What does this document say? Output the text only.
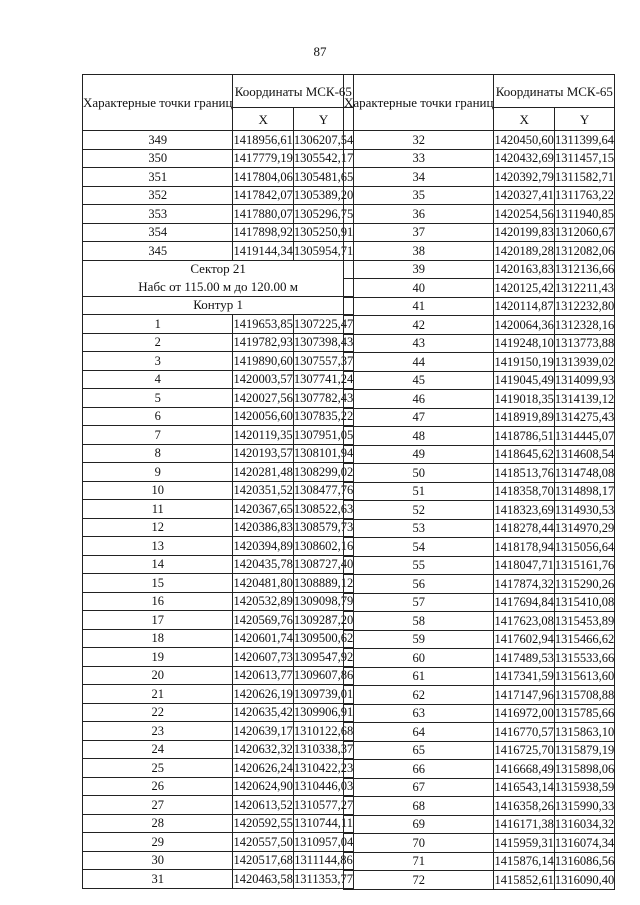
87
Характерные точки границ	Координаты МСК-65	
	X	Y
349	1418956,61	1306207,54
350	1417779,19	1305542,17
351	1417804,06	1305481,65
352	1417842,07	1305389,20
353	1417880,07	1305296,75
354	1417898,92	1305250,91
345	1419144,34	1305954,71
Сектор 21		
Набс от 115.00 м до 120.00 м		
Контур 1		
1	1419653,85	1307225,47
2	1419782,93	1307398,43
3	1419890,60	1307557,37
4	1420003,57	1307741,24
5	1420027,56	1307782,43
6	1420056,60	1307835,22
7	1420119,35	1307951,05
8	1420193,57	1308101,94
9	1420281,48	1308299,02
10	1420351,52	1308477,76
11	1420367,65	1308522,63
12	1420386,83	1308579,73
13	1420394,89	1308602,16
14	1420435,78	1308727,40
15	1420481,80	1308889,12
16	1420532,89	1309098,79
17	1420569,76	1309287,20
18	1420601,74	1309500,62
19	1420607,73	1309547,92
20	1420613,77	1309607,86
21	1420626,19	1309739,01
22	1420635,42	1309906,91
23	1420639,17	1310122,68
24	1420632,32	1310338,37
25	1420626,24	1310422,23
26	1420624,90	1310446,03
27	1420613,52	1310577,27
28	1420592,55	1310744,11
29	1420557,50	1310957,04
30	1420517,68	1311144,86
31	1420463,58	1311353,77
Характерные точки границ	Координаты МСК-65	
	X	Y
32	1420450,60	1311399,64
33	1420432,69	1311457,15
34	1420392,79	1311582,71
35	1420327,41	1311763,22
36	1420254,56	1311940,85
37	1420199,83	1312060,67
38	1420189,28	1312082,06
39	1420163,83	1312136,66
40	1420125,42	1312211,43
41	1420114,87	1312232,80
42	1420064,36	1312328,16
43	1419248,10	1313773,88
44	1419150,19	1313939,02
45	1419045,49	1314099,93
46	1419018,35	1314139,12
47	1418919,89	1314275,43
48	1418786,51	1314445,07
49	1418645,62	1314608,54
50	1418513,76	1314748,08
51	1418358,70	1314898,17
52	1418323,69	1314930,53
53	1418278,44	1314970,29
54	1418178,94	1315056,64
55	1418047,71	1315161,76
56	1417874,32	1315290,26
57	1417694,84	1315410,08
58	1417623,08	1315453,89
59	1417602,94	1315466,62
60	1417489,53	1315533,66
61	1417341,59	1315613,60
62	1417147,96	1315708,88
63	1416972,00	1315785,66
64	1416770,57	1315863,10
65	1416725,70	1315879,19
66	1416668,49	1315898,06
67	1416543,14	1315938,59
68	1416358,26	1315990,33
69	1416171,38	1316034,32
70	1415959,31	1316074,34
71	1415876,14	1316086,56
72	1415852,61	1316090,40
